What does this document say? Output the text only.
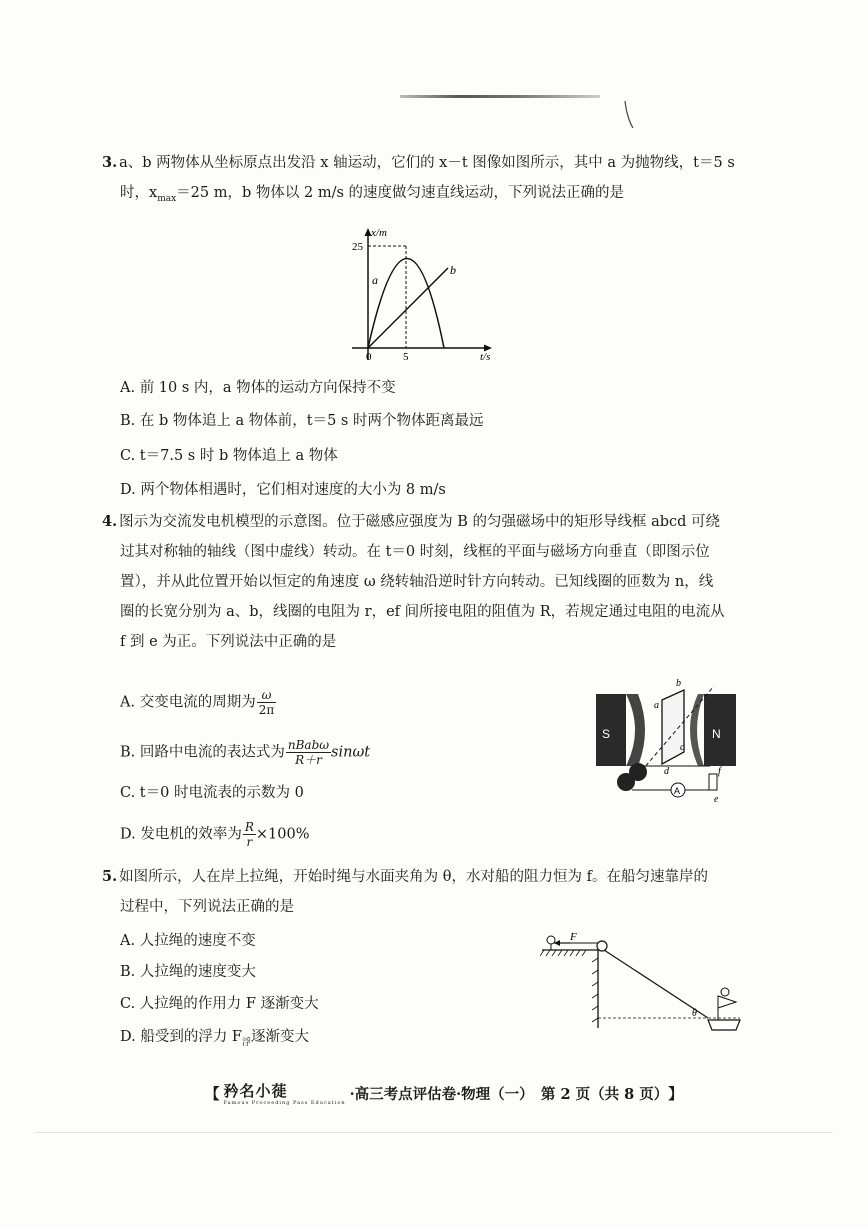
3. a、b 两物体从坐标原点出发沿 x 轴运动，它们的 x－t 图像如图所示，其中 a 为抛物线，t＝5 s
时，$x_{max}=25$ m，b 物体以 2 m/s 的速度做匀速直线运动，下列说法正确的是
x/m
t/s
0	5
25
a
b
A. 前 10 s 内，a 物体的运动方向保持不变
B. 在 b 物体追上 a 物体前，t＝5 s 时两个物体距离最远
C. t＝7.5 s 时 b 物体追上 a 物体
D. 两个物体相遇时，它们相对速度的大小为 8 m/s
4. 图示为交流发电机模型的示意图。位于磁感应强度为 B 的匀强磁场中的矩形导线框 abcd 可绕
过其对称轴的轴线（图中虚线）转动。在 t＝0 时刻，线框的平面与磁场方向垂直（即图示位
置），并从此位置开始以恒定的角速度 ω 绕转轴沿逆时针方向转动。已知线圈的匝数为 n，线
圈的长宽分别为 a、b，线圈的电阻为 r，ef 间所接电阻的阻值为 R，若规定通过电阻的电流从
f 到 e 为正。下列说法中正确的是
A. 交变电流的周期为 $\frac{\omega}{2\pi}$
B. 回路中电流的表达式为 $\frac{\text{nBabω}}{R+r}$ sinωt
C. t＝0 时电流表的示数为 0
D. 发电机的效率为 $\frac{R}{r} \times 100\%$
S	N
A
b
a
c
d	f
e
5. 如图所示，人在岸上拉绳，开始时绳与水面夹角为 θ，水对船的阻力恒为 f。在船匀速靠岸的
过程中，下列说法正确的是
A. 人拉绳的速度不变
B. 人拉绳的速度变大
C. 人拉绳的作用力 F 逐渐变大
D. 船受到的浮力 $F_浮$逐渐变大
F
θ
【 矜名小蓰
Famous Proceeding Pass Education
·高三考点评估卷·物理（一）　第 2 页（共 8 页） 】
